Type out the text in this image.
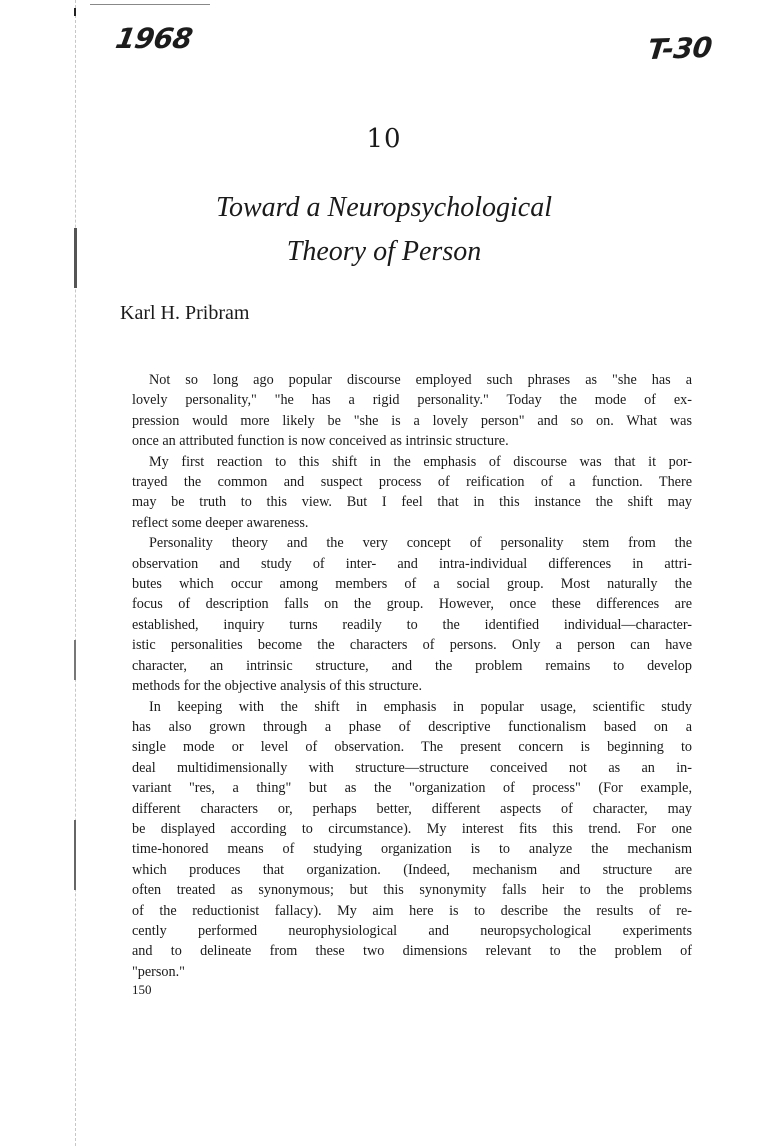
1968	T-30
10
Toward a Neuropsychological
Theory of Person
Karl H. Pribram
Not so long ago popular discourse employed such phrases as "she has a
lovely personality," "he has a rigid personality." Today the mode of ex-
pression would more likely be "she is a lovely person" and so on. What was
once an attributed function is now conceived as intrinsic structure.
My first reaction to this shift in the emphasis of discourse was that it por-
trayed the common and suspect process of reification of a function. There
may be truth to this view. But I feel that in this instance the shift may
reflect some deeper awareness.
Personality theory and the very concept of personality stem from the
observation and study of inter- and intra-individual differences in attri-
butes which occur among members of a social group. Most naturally the
focus of description falls on the group. However, once these differences are
established, inquiry turns readily to the identified individual—character-
istic personalities become the characters of persons. Only a person can have
character, an intrinsic structure, and the problem remains to develop
methods for the objective analysis of this structure.
In keeping with the shift in emphasis in popular usage, scientific study
has also grown through a phase of descriptive functionalism based on a
single mode or level of observation. The present concern is beginning to
deal multidimensionally with structure—structure conceived not as an in-
variant "res, a thing" but as the "organization of process" (For example,
different characters or, perhaps better, different aspects of character, may
be displayed according to circumstance). My interest fits this trend. For one
time-honored means of studying organization is to analyze the mechanism
which produces that organization. (Indeed, mechanism and structure are
often treated as synonymous; but this synonymity falls heir to the problems
of the reductionist fallacy). My aim here is to describe the results of re-
cently performed neurophysiological and neuropsychological experiments
and to delineate from these two dimensions relevant to the problem of
"person."
150
